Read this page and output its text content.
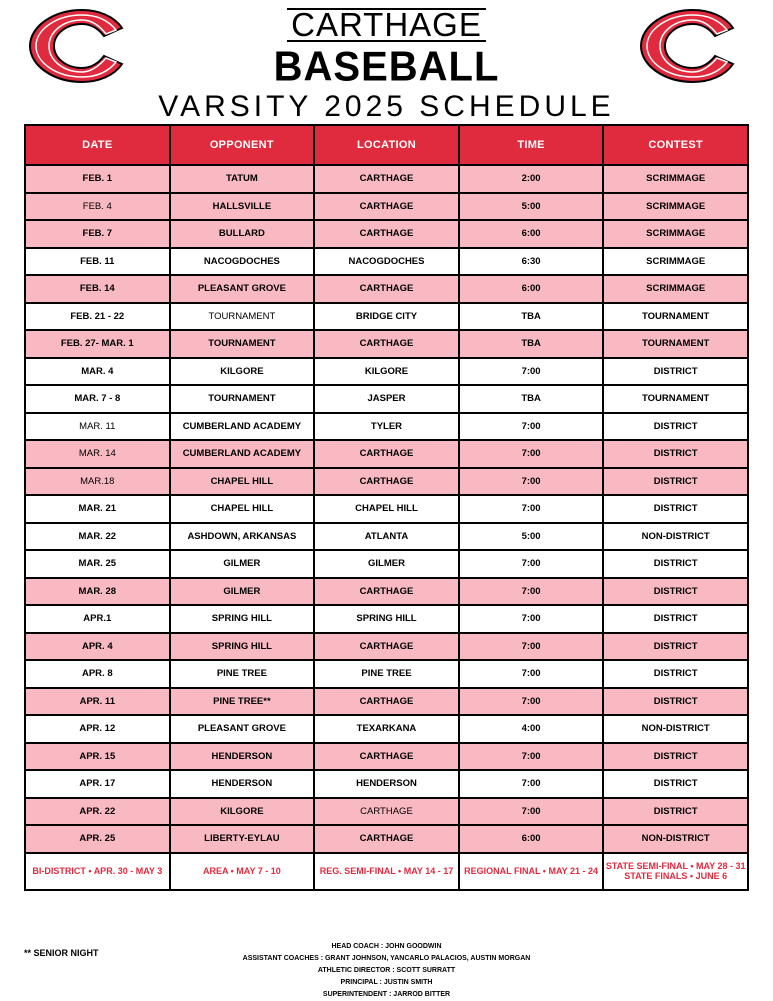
CARTHAGE
BASEBALL
VARSITY 2025 SCHEDULE
DATE	OPPONENT	LOCATION	TIME	CONTEST
FEB. 1	TATUM	CARTHAGE	2:00	SCRIMMAGE
FEB. 4	HALLSVILLE	CARTHAGE	5:00	SCRIMMAGE
FEB. 7	BULLARD	CARTHAGE	6:00	SCRIMMAGE
FEB. 11	NACOGDOCHES	NACOGDOCHES	6:30	SCRIMMAGE
FEB. 14	PLEASANT GROVE	CARTHAGE	6:00	SCRIMMAGE
FEB. 21 - 22	TOURNAMENT	BRIDGE CITY	TBA	TOURNAMENT
FEB. 27- MAR. 1	TOURNAMENT	CARTHAGE	TBA	TOURNAMENT
MAR. 4	KILGORE	KILGORE	7:00	DISTRICT
MAR. 7 - 8	TOURNAMENT	JASPER	TBA	TOURNAMENT
MAR. 11	CUMBERLAND ACADEMY	TYLER	7:00	DISTRICT
MAR. 14	CUMBERLAND ACADEMY	CARTHAGE	7:00	DISTRICT
MAR.18	CHAPEL HILL	CARTHAGE	7:00	DISTRICT
MAR. 21	CHAPEL HILL	CHAPEL HILL	7:00	DISTRICT
MAR. 22	ASHDOWN, ARKANSAS	ATLANTA	5:00	NON-DISTRICT
MAR. 25	GILMER	GILMER	7:00	DISTRICT
MAR. 28	GILMER	CARTHAGE	7:00	DISTRICT
APR.1	SPRING HILL	SPRING HILL	7:00	DISTRICT
APR. 4	SPRING HILL	CARTHAGE	7:00	DISTRICT
APR. 8	PINE TREE	PINE TREE	7:00	DISTRICT
APR. 11	PINE TREE**	CARTHAGE	7:00	DISTRICT
APR. 12	PLEASANT GROVE	TEXARKANA	4:00	NON-DISTRICT
APR. 15	HENDERSON	CARTHAGE	7:00	DISTRICT
APR. 17	HENDERSON	HENDERSON	7:00	DISTRICT
APR. 22	KILGORE	CARTHAGE	7:00	DISTRICT
APR. 25	LIBERTY-EYLAU	CARTHAGE	6:00	NON-DISTRICT
BI-DISTRICT • APR. 30 - MAY 3	AREA • MAY 7 - 10	REG. SEMI-FINAL • MAY 14 - 17	REGIONAL FINAL • MAY 21 - 24	STATE SEMI-FINAL • MAY 28 - 31
STATE FINALS • JUNE 6
** SENIOR NIGHT
HEAD COACH : JOHN GOODWIN
ASSISTANT COACHES : GRANT JOHNSON, YANCARLO PALACIOS, AUSTIN MORGAN
ATHLETIC DIRECTOR : SCOTT SURRATT
PRINCIPAL : JUSTIN SMITH
SUPERINTENDENT : JARROD BITTER
